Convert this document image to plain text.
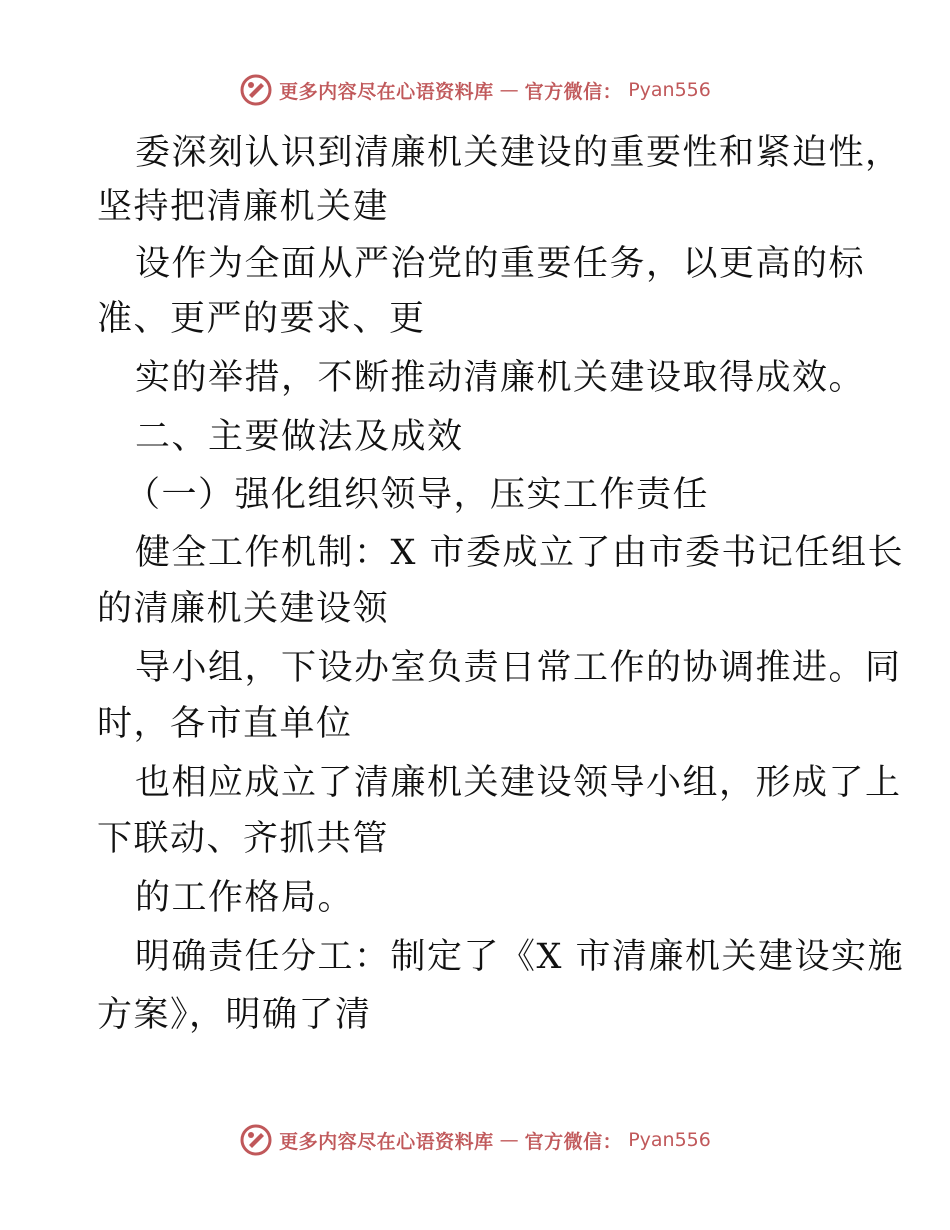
更多内容尽在心语资料库 — 官方微信： Pyan556
委深刻认识到清廉机关建设的重要性和紧迫性，
坚持把清廉机关建
设作为全面从严治党的重要任务，以更高的标
准、更严的要求、更
实的举措，不断推动清廉机关建设取得成效。
二、主要做法及成效
（一）强化组织领导，压实工作责任
健全工作机制：X 市委成立了由市委书记任组长
的清廉机关建设领
导小组，下设办室负责日常工作的协调推进。同
时，各市直单位
也相应成立了清廉机关建设领导小组，形成了上
下联动、齐抓共管
的工作格局。
明确责任分工：制定了《X 市清廉机关建设实施
方案》，明确了清
更多内容尽在心语资料库 — 官方微信： Pyan556
